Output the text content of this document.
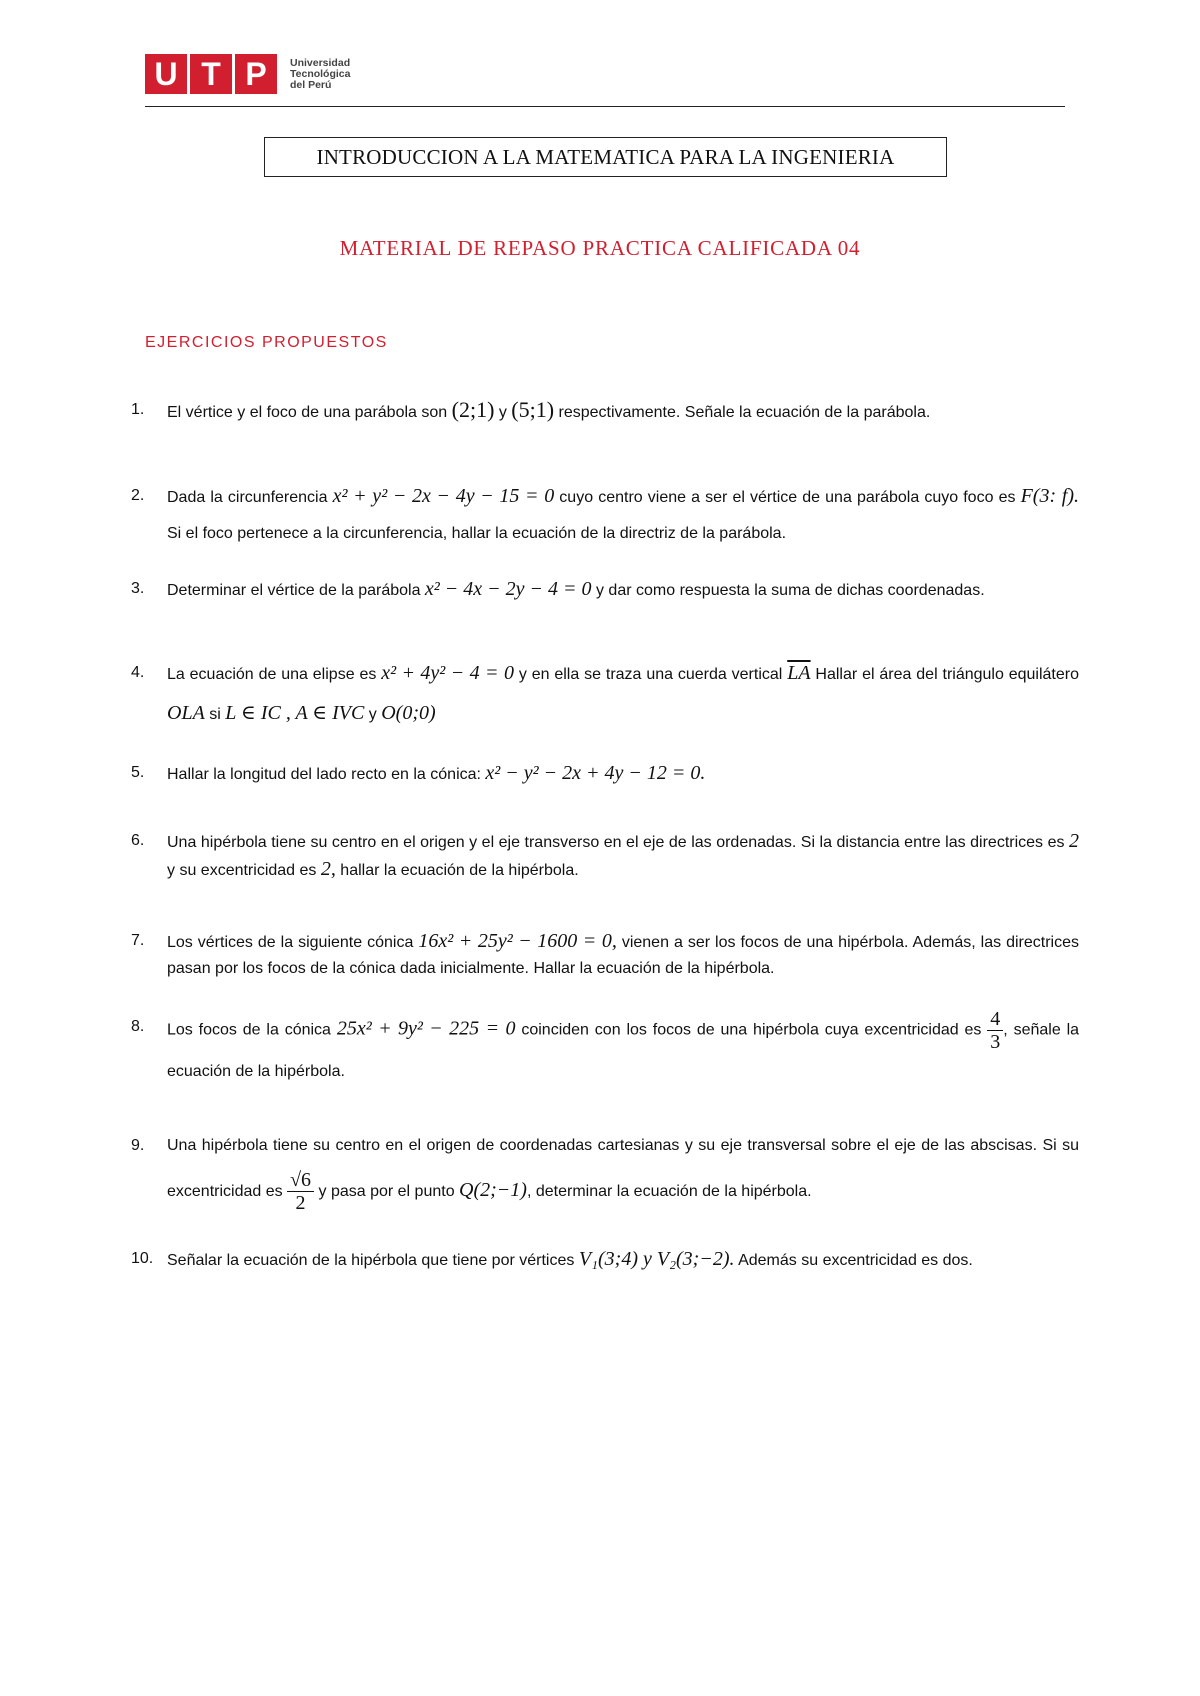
U T P	Universidad
Tecnológica
del Perú
INTRODUCCION A LA MATEMATICA PARA LA INGENIERIA
MATERIAL DE REPASO PRACTICA CALIFICADA 04
EJERCICIOS PROPUESTOS
1.	El vértice y el foco de una parábola son (2;1) y (5;1) respectivamente. Señale la ecuación de la parábola.
2.	Dada la circunferencia x² + y² − 2x − 4y − 15 = 0 cuyo centro viene a ser el vértice de una parábola cuyo foco es F(3: f). Si el foco pertenece a la circunferencia, hallar la ecuación de la directriz de la parábola.
3.	Determinar el vértice de la parábola x² − 4x − 2y − 4 = 0 y dar como respuesta la suma de dichas coordenadas.
4.	La ecuación de una elipse es x² + 4y² − 4 = 0 y en ella se traza una cuerda vertical $\overline{LA}$ Hallar el área del triángulo equilátero OLA si L ∈ IC , A ∈ IVC y O(0;0)
5.	Hallar la longitud del lado recto en la cónica: x² − y² − 2x + 4y − 12 = 0.
6.	Una hipérbola tiene su centro en el origen y el eje transverso en el eje de las ordenadas. Si la distancia entre las directrices es 2 y su excentricidad es 2, hallar la ecuación de la hipérbola.
7.	Los vértices de la siguiente cónica 16x² + 25y² − 1600 = 0, vienen a ser los focos de una hipérbola. Además, las directrices pasan por los focos de la cónica dada inicialmente. Hallar la ecuación de la hipérbola.
8.	Los focos de la cónica 25x² + 9y² − 225 = 0 coinciden con los focos de una hipérbola cuya excentricidad es $\frac{4}{3}$ , señale la ecuación de la hipérbola.
9.	Una hipérbola tiene su centro en el origen de coordenadas cartesianas y su eje transversal sobre el eje de las abscisas. Si su excentricidad es $\frac{√6}{2}$ y pasa por el punto Q(2;−1), determinar la ecuación de la hipérbola.
10. Señalar la ecuación de la hipérbola que tiene por vértices V₁(3;4) y V₂(3;−2). Además su excentricidad es dos.
